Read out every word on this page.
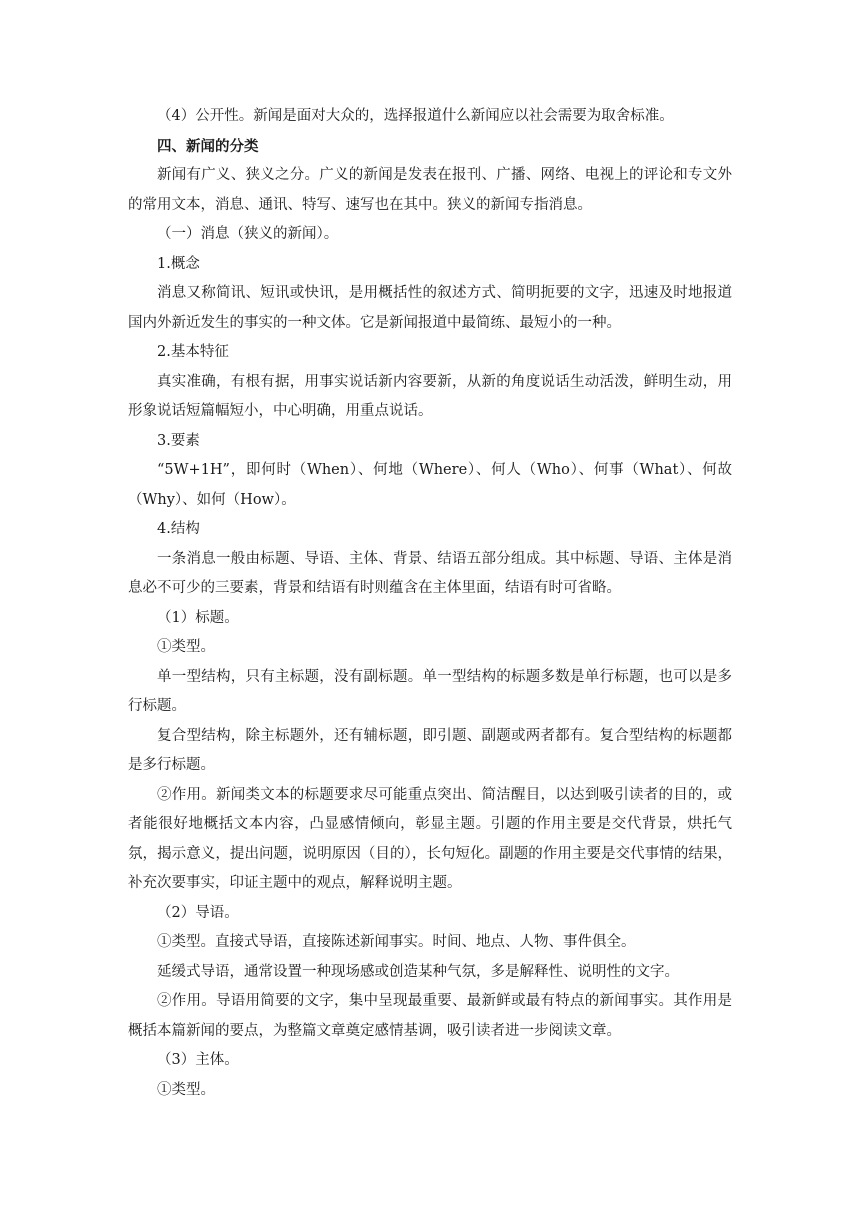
（4）公开性。新闻是面对大众的，选择报道什么新闻应以社会需要为取舍标准。

四、新闻的分类

新闻有广义、狭义之分。广义的新闻是发表在报刊、广播、网络、电视上的评论和专文外的常用文本，消息、通讯、特写、速写也在其中。狭义的新闻专指消息。

（一）消息（狭义的新闻）。

1.概念

消息又称简讯、短讯或快讯，是用概括性的叙述方式、简明扼要的文字，迅速及时地报道国内外新近发生的事实的一种文体。它是新闻报道中最简练、最短小的一种。

2.基本特征

真实准确，有根有据，用事实说话新内容要新，从新的角度说话生动活泼，鲜明生动，用形象说话短篇幅短小，中心明确，用重点说话。

3.要素

“5W+1H”，即何时（When）、何地（Where）、何人（Who）、何事（What）、何故（Why）、如何（How）。

4.结构

一条消息一般由标题、导语、主体、背景、结语五部分组成。其中标题、导语、主体是消息必不可少的三要素，背景和结语有时则蕴含在主体里面，结语有时可省略。

（1）标题。

①类型。

单一型结构，只有主标题，没有副标题。单一型结构的标题多数是单行标题，也可以是多行标题。

复合型结构，除主标题外，还有辅标题，即引题、副题或两者都有。复合型结构的标题都是多行标题。

②作用。新闻类文本的标题要求尽可能重点突出、简洁醒目，以达到吸引读者的目的，或者能很好地概括文本内容，凸显感情倾向，彰显主题。引题的作用主要是交代背景，烘托气氛，揭示意义，提出问题，说明原因（目的），长句短化。副题的作用主要是交代事情的结果，补充次要事实，印证主题中的观点，解释说明主题。

（2）导语。

①类型。直接式导语，直接陈述新闻事实。时间、地点、人物、事件俱全。

延缓式导语，通常设置一种现场感或创造某种气氛，多是解释性、说明性的文字。

②作用。导语用简要的文字，集中呈现最重要、最新鲜或最有特点的新闻事实。其作用是概括本篇新闻的要点，为整篇文章奠定感情基调，吸引读者进一步阅读文章。

（3）主体。

①类型。
